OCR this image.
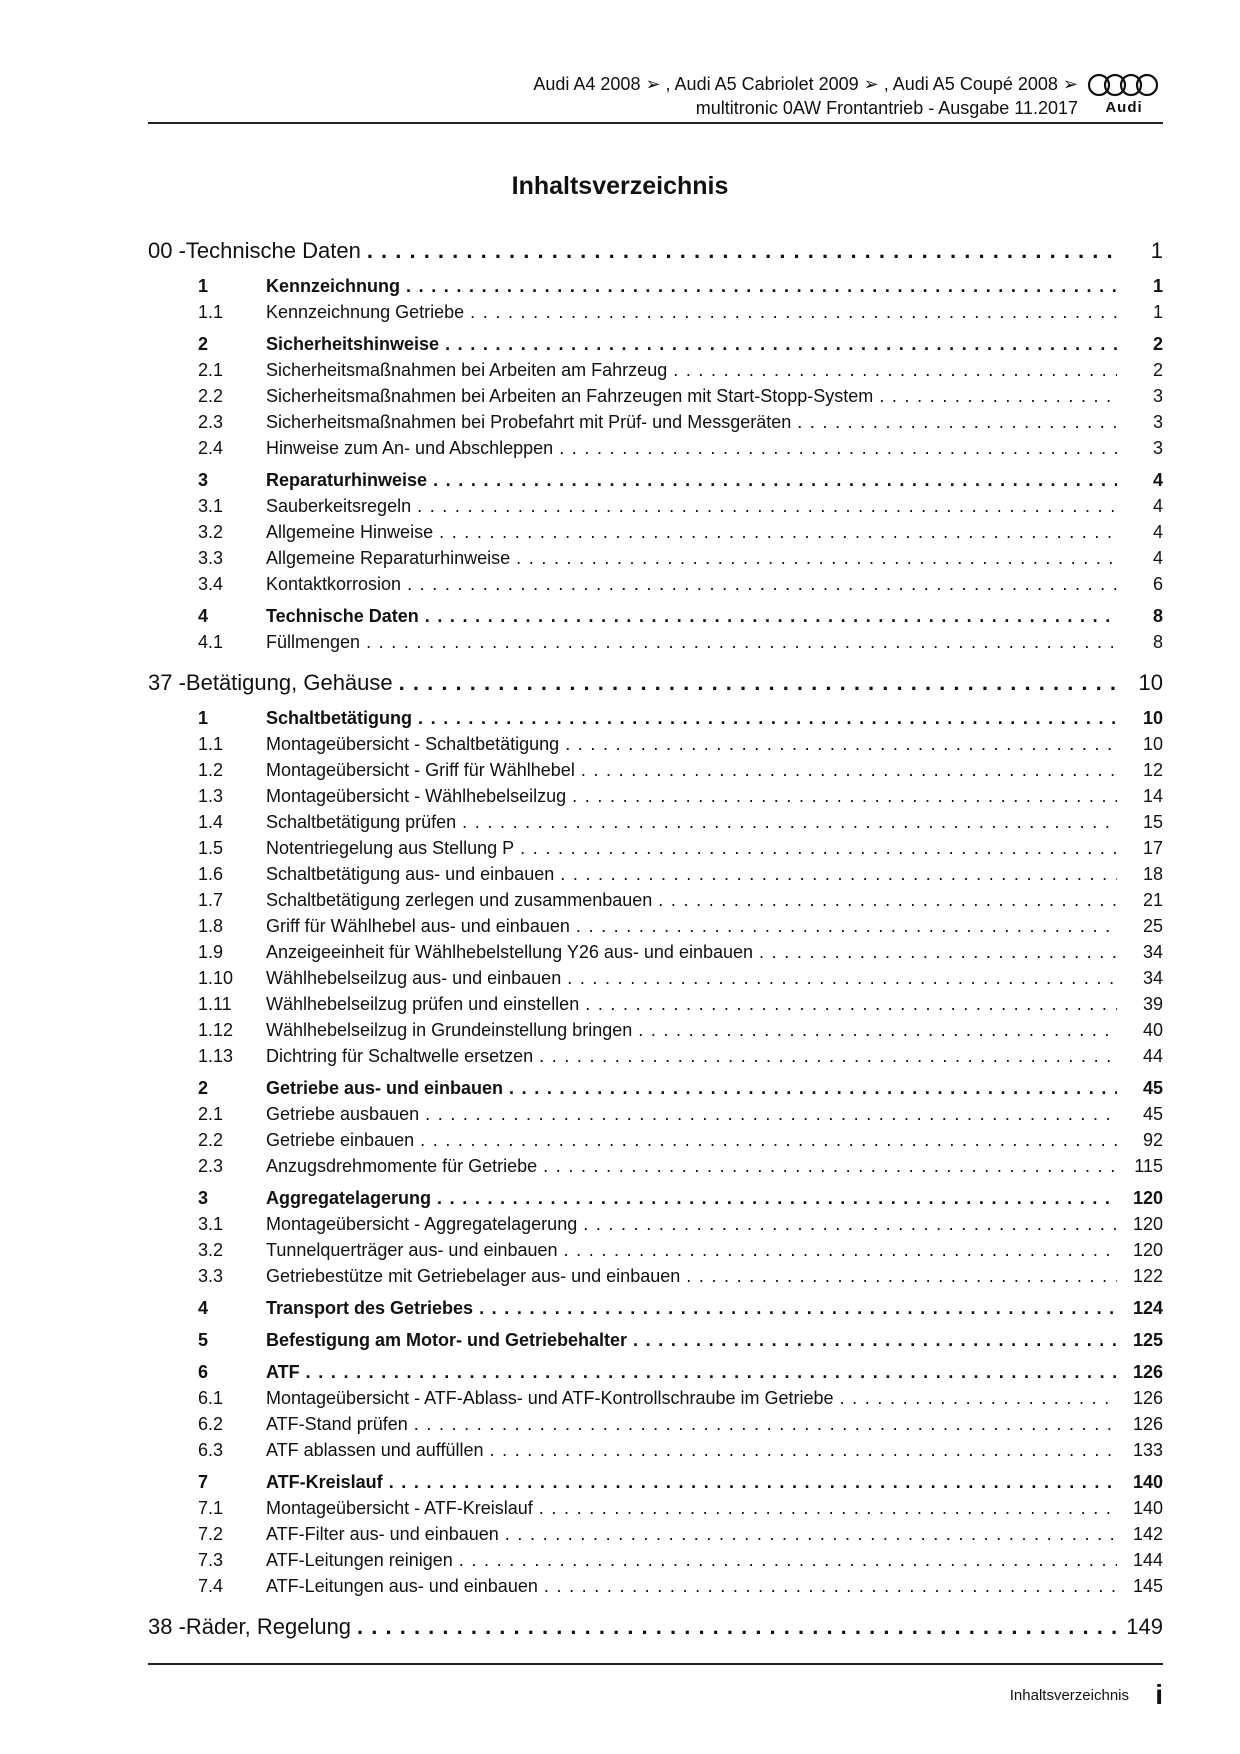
Audi A4 2008 ➢ , Audi A5 Cabriolet 2009 ➢ , Audi A5 Coupé 2008 ➢
multitronic 0AW Frontantrieb - Ausgabe 11.2017	Audi
Inhaltsverzeichnis
00 - Technische Daten . . .	1
1	Kennzeichnung . . .	1
1.1	Kennzeichnung Getriebe . . .	1
2	Sicherheitshinweise . . .	2
2.1	Sicherheitsmaßnahmen bei Arbeiten am Fahrzeug . . .	2
2.2	Sicherheitsmaßnahmen bei Arbeiten an Fahrzeugen mit Start-Stopp-System . . .	3
2.3	Sicherheitsmaßnahmen bei Probefahrt mit Prüf- und Messgeräten . . .	3
2.4	Hinweise zum An- und Abschleppen . . .	3
3	Reparaturhinweise . . .	4
3.1	Sauberkeitsregeln . . .	4
3.2	Allgemeine Hinweise . . .	4
3.3	Allgemeine Reparaturhinweise . . .	4
3.4	Kontaktkorrosion . . .	6
4	Technische Daten . . .	8
4.1	Füllmengen . . .	8
37 - Betätigung, Gehäuse . . .	10
1	Schaltbetätigung . . .	10
1.1	Montageübersicht - Schaltbetätigung . . .	10
1.2	Montageübersicht - Griff für Wählhebel . . .	12
1.3	Montageübersicht - Wählhebelseilzug . . .	14
1.4	Schaltbetätigung prüfen . . .	15
1.5	Notentriegelung aus Stellung P . . .	17
1.6	Schaltbetätigung aus- und einbauen . . .	18
1.7	Schaltbetätigung zerlegen und zusammenbauen . . .	21
1.8	Griff für Wählhebel aus- und einbauen . . .	25
1.9	Anzeigeeinheit für Wählhebelstellung Y26 aus- und einbauen . . .	34
1.10	Wählhebelseilzug aus- und einbauen . . .	34
1.11	Wählhebelseilzug prüfen und einstellen . . .	39
1.12	Wählhebelseilzug in Grundeinstellung bringen . . .	40
1.13	Dichtring für Schaltwelle ersetzen . . .	44
2	Getriebe aus- und einbauen . . .	45
2.1	Getriebe ausbauen . . .	45
2.2	Getriebe einbauen . . .	92
2.3	Anzugsdrehmomente für Getriebe . . .	115
3	Aggregatelagerung . . .	120
3.1	Montageübersicht - Aggregatelagerung . . .	120
3.2	Tunnelquerträger aus- und einbauen . . .	120
3.3	Getriebestütze mit Getriebelager aus- und einbauen . . .	122
4	Transport des Getriebes . . .	124
5	Befestigung am Motor- und Getriebehalter . . .	125
6	ATF . . .	126
6.1	Montageübersicht - ATF-Ablass- und ATF-Kontrollschraube im Getriebe . . .	126
6.2	ATF-Stand prüfen . . .	126
6.3	ATF ablassen und auffüllen . . .	133
7	ATF-Kreislauf . . .	140
7.1	Montageübersicht - ATF-Kreislauf . . .	140
7.2	ATF-Filter aus- und einbauen . . .	142
7.3	ATF-Leitungen reinigen . . .	144
7.4	ATF-Leitungen aus- und einbauen . . .	145
38 - Räder, Regelung . . .	149
Inhaltsverzeichnis i
